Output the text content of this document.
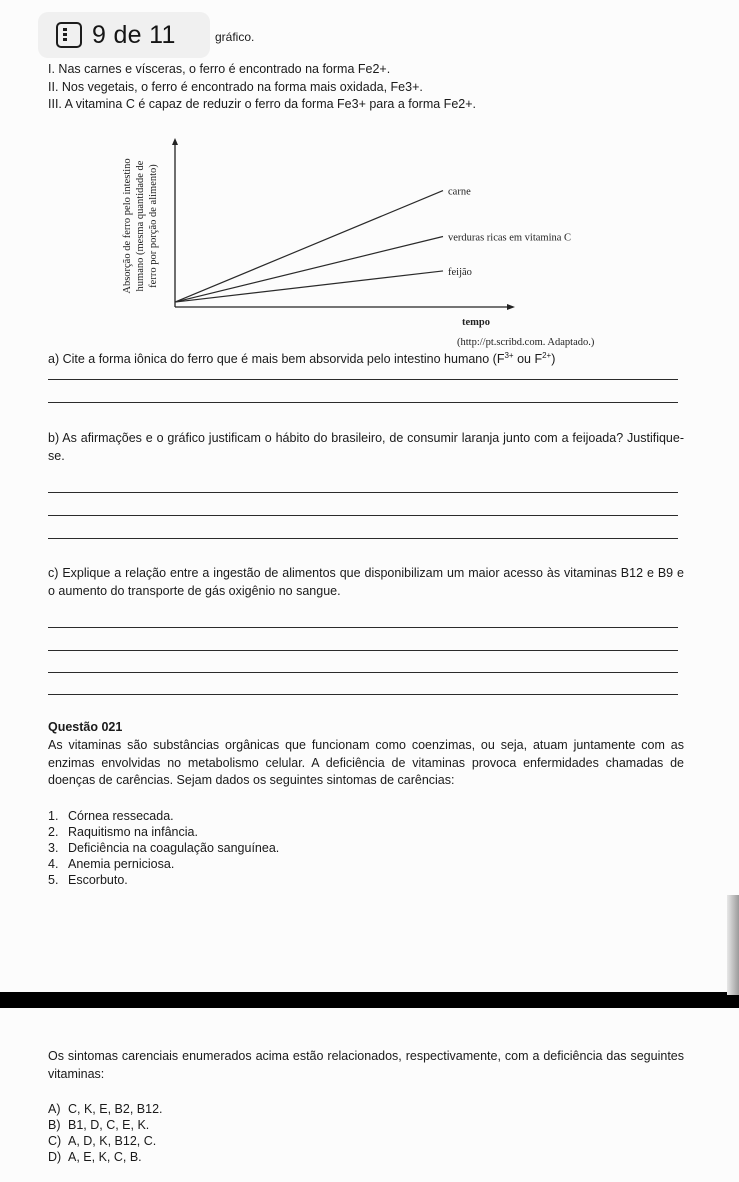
9 de 11	gráfico.
I. Nas carnes e vísceras, o ferro é encontrado na forma Fe2+.
II. Nos vegetais, o ferro é encontrado na forma mais oxidada, Fe3+.
III. A vitamina C é capaz de reduzir o ferro da forma Fe3+ para a forma Fe2+.
Absorção de ferro pelo intestino humano (mesma quantidade de ferro por porção de alimento)
tempo
(http://pt.scribd.com. Adaptado.)
carne
verduras ricas em vitamina C
feijão
a) Cite a forma iônica do ferro que é mais bem absorvida pelo intestino humano ($F^{3+}$ ou $F^{2+}$)
b) As afirmações e o gráfico justificam o hábito do brasileiro, de consumir laranja junto com a feijoada? Justifique-se.
c) Explique a relação entre a ingestão de alimentos que disponibilizam um maior acesso às vitaminas B12 e B9 e o aumento do transporte de gás oxigênio no sangue.
Questão 021
As vitaminas são substâncias orgânicas que funcionam como coenzimas, ou seja, atuam juntamente com as enzimas envolvidas no metabolismo celular. A deficiência de vitaminas provoca enfermidades chamadas de doenças de carências. Sejam dados os seguintes sintomas de carências:
1. Córnea ressecada.
2. Raquitismo na infância.
3. Deficiência na coagulação sanguínea.
4. Anemia perniciosa.
5. Escorbuto.
Os sintomas carenciais enumerados acima estão relacionados, respectivamente, com a deficiência das seguintes vitaminas:
A) C, K, E, B2, B12.
B) B1, D, C, E, K.
C) A, D, K, B12, C.
D) A, E, K, C, B.
